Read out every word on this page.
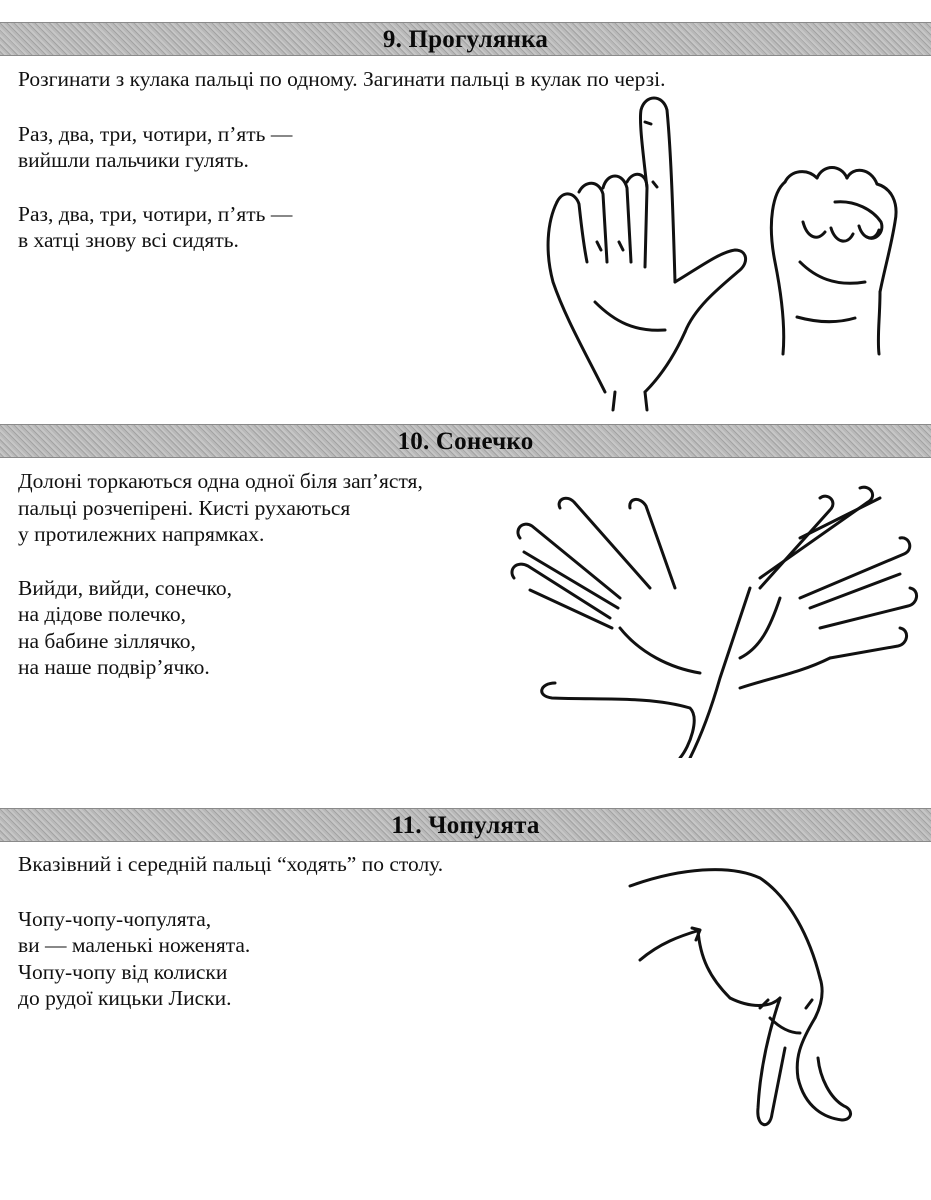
9. Прогулянка
Розгинати з кулака пальці по одному. Загинати пальці в кулак по черзі.
Раз, два, три, чотири, п’ять —
вийшли пальчики гулять.
Раз, два, три, чотири, п’ять —
в хатці знову всі сидять.
10. Сонечко
Долоні торкаються одна одної біля зап’ястя,
пальці розчепірені. Кисті рухаються
у протилежних напрямках.
Вийди, вийди, сонечко,
на дідове полечко,
на бабине зіллячко,
на наше подвір’ячко.
11. Чопулята
Вказівний і середній пальці “ходять” по столу.
Чопу-чопу-чопулята,
ви — маленькі ноженята.
Чопу-чопу від колиски
до рудої кицьки Лиски.
